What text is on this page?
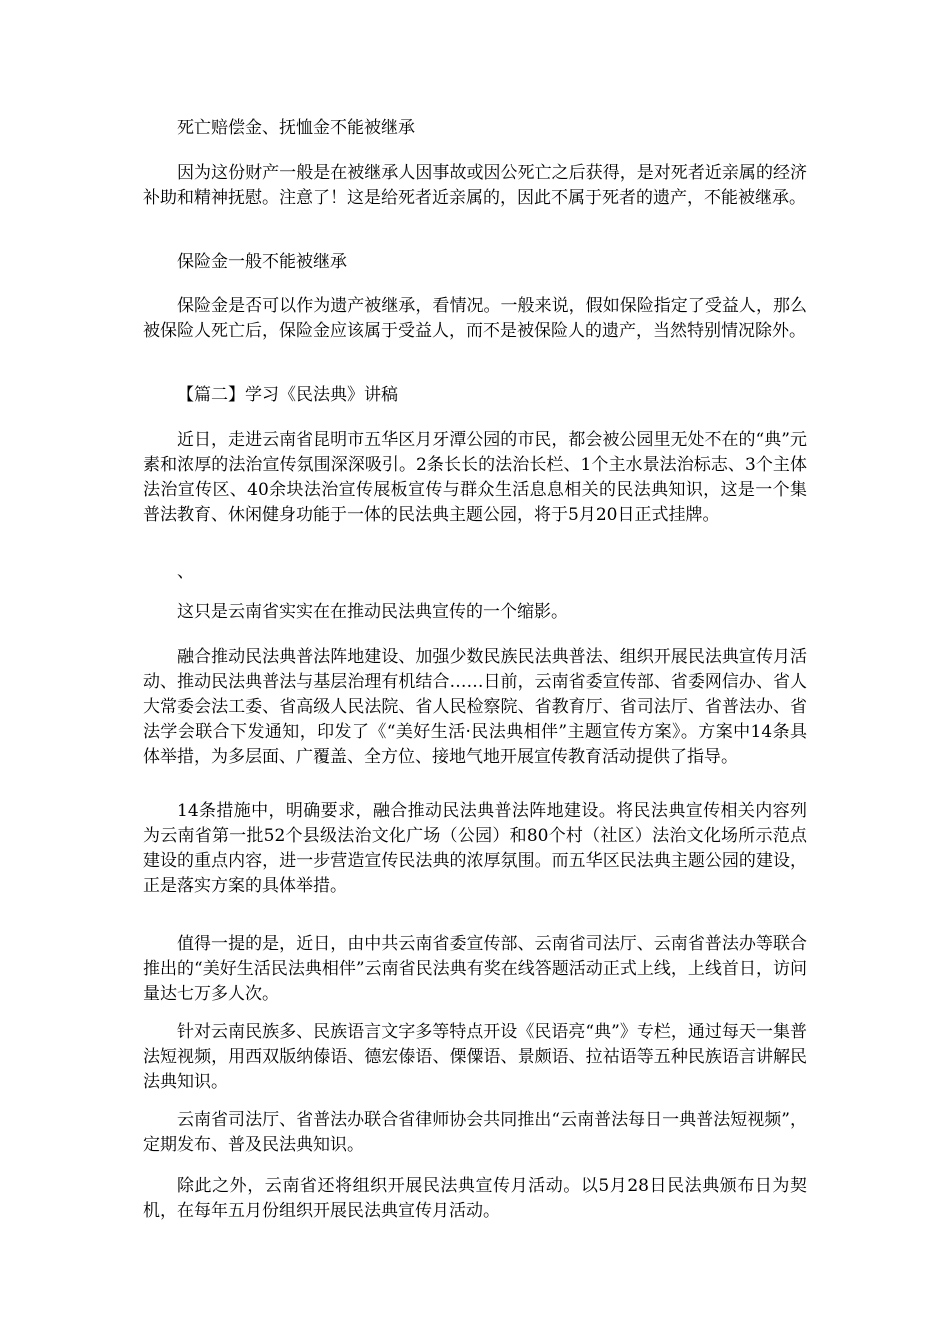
死亡赔偿金、抚恤金不能被继承

因为这份财产一般是在被继承人因事故或因公死亡之后获得，是对死者近亲属的经济补助和精神抚慰。注意了！这是给死者近亲属的，因此不属于死者的遗产，不能被继承。

保险金一般不能被继承

保险金是否可以作为遗产被继承，看情况。一般来说，假如保险指定了受益人，那么被保险人死亡后，保险金应该属于受益人，而不是被保险人的遗产，当然特别情况除外。

【篇二】学习《民法典》讲稿

近日，走进云南省昆明市五华区月牙潭公园的市民，都会被公园里无处不在的“典”元素和浓厚的法治宣传氛围深深吸引。2条长长的法治长栏、1个主水景法治标志、3个主体法治宣传区、40余块法治宣传展板宣传与群众生活息息相关的民法典知识，这是一个集普法教育、休闲健身功能于一体的民法典主题公园，将于5月20日正式挂牌。

、

这只是云南省实实在在推动民法典宣传的一个缩影。

融合推动民法典普法阵地建设、加强少数民族民法典普法、组织开展民法典宣传月活动、推动民法典普法与基层治理有机结合……日前，云南省委宣传部、省委网信办、省人大常委会法工委、省高级人民法院、省人民检察院、省教育厅、省司法厅、省普法办、省法学会联合下发通知，印发了《“美好生活·民法典相伴”主题宣传方案》。方案中14条具体举措，为多层面、广覆盖、全方位、接地气地开展宣传教育活动提供了指导。

14条措施中，明确要求，融合推动民法典普法阵地建设。将民法典宣传相关内容列为云南省第一批52个县级法治文化广场（公园）和80个村（社区）法治文化场所示范点建设的重点内容，进一步营造宣传民法典的浓厚氛围。而五华区民法典主题公园的建设，正是落实方案的具体举措。

值得一提的是，近日，由中共云南省委宣传部、云南省司法厅、云南省普法办等联合推出的“美好生活民法典相伴”云南省民法典有奖在线答题活动正式上线，上线首日，访问量达七万多人次。

针对云南民族多、民族语言文字多等特点开设《民语亮“典”》专栏，通过每天一集普法短视频，用西双版纳傣语、德宏傣语、傈僳语、景颇语、拉祜语等五种民族语言讲解民法典知识。

云南省司法厅、省普法办联合省律师协会共同推出“云南普法每日一典普法短视频”，定期发布、普及民法典知识。

除此之外，云南省还将组织开展民法典宣传月活动。以5月28日民法典颁布日为契机，在每年五月份组织开展民法典宣传月活动。
